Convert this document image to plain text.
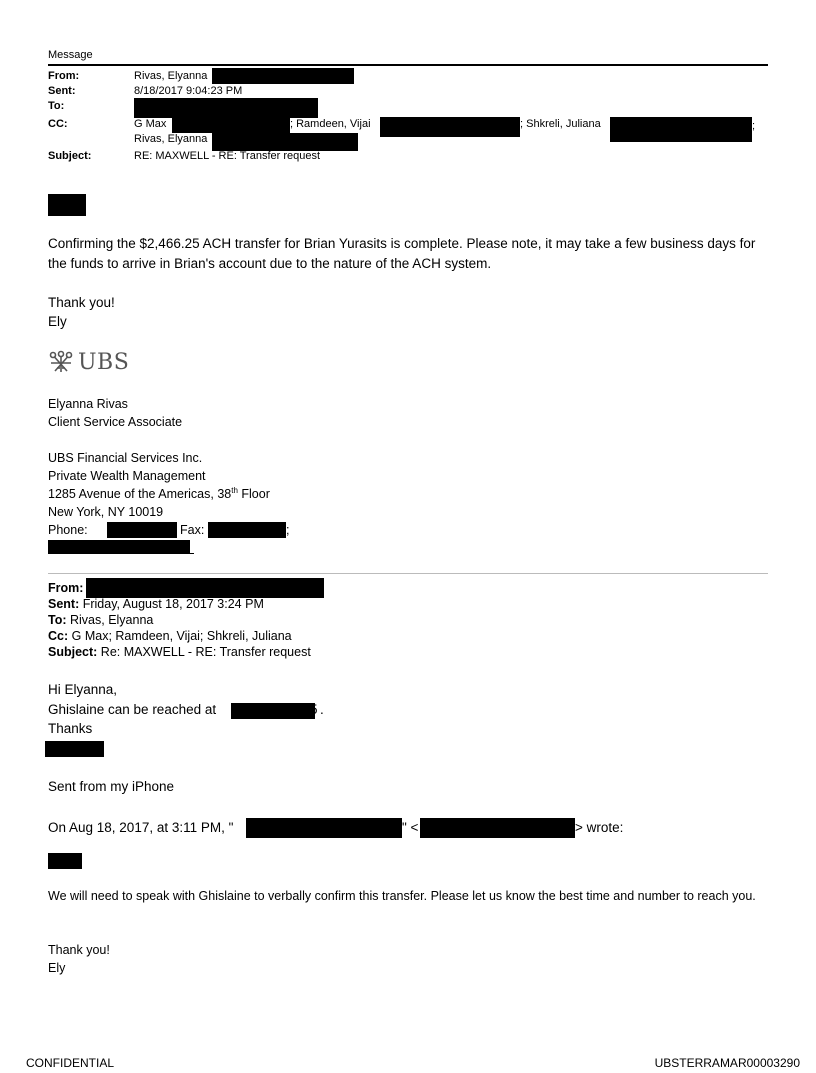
Message
From:	Rivas, Elyanna
Sent:	8/18/2017 9:04:23 PM
To:
CC:	G Max	; Ramdeen, Vijai	; Shkreli, Juliana	;
Rivas, Elyanna
Subject:	RE: MAXWELL - RE: Transfer request
Confirming the $2,466.25 ACH transfer for Brian Yurasits is complete. Please note, it may take a few business days for the funds to arrive in Brian's account due to the nature of the ACH system.
Thank you!
Ely
UBS
Elyanna Rivas
Client Service Associate
UBS Financial Services Inc.
Private Wealth Management
1285 Avenue of the Americas, 38th Floor
New York, NY 10019
Phone:	Fax:	;
From:
Sent: Friday, August 18, 2017 3:24 PM
To: Rivas, Elyanna
Cc: G Max; Ramdeen, Vijai; Shkreli, Juliana
Subject: Re: MAXWELL - RE: Transfer request
Hi Elyanna,
Ghislaine can be reached at	5 .
Thanks
Sent from my iPhone
On Aug 18, 2017, at 3:11 PM, "	" <	> wrote:
We will need to speak with Ghislaine to verbally confirm this transfer. Please let us know the best time and number to reach you.
Thank you!
Ely
CONFIDENTIAL	UBSTERRAMAR00003290
